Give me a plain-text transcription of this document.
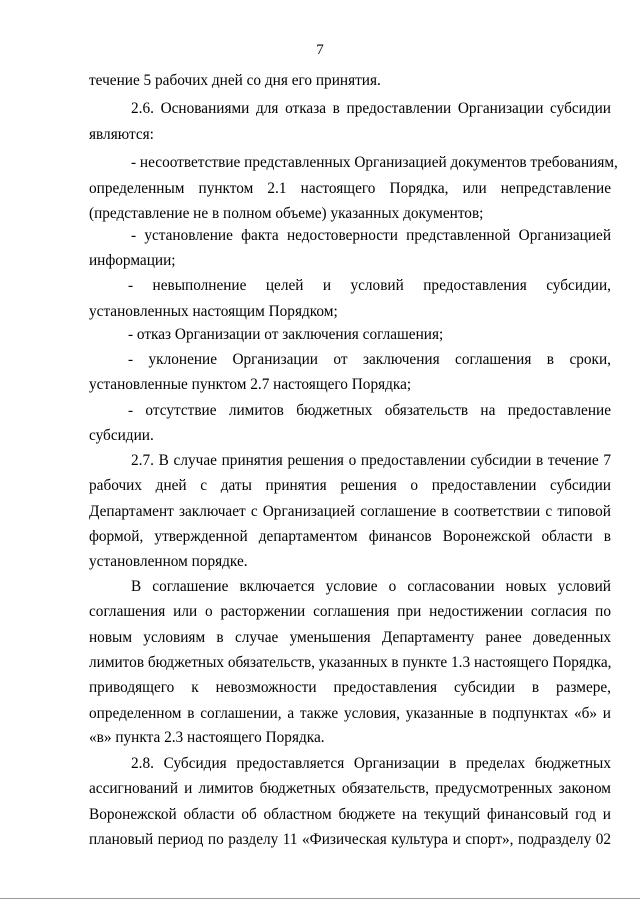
7
течение 5 рабочих дней со дня его принятия.
2.6. Основаниями для отказа в предоставлении Организации субсидии
являются:
- несоответствие представленных Организацией документов требованиям,
определенным пунктом 2.1 настоящего Порядка, или непредставление
(представление не в полном объеме) указанных документов;
- установление факта недостоверности представленной Организацией
информации;
- невыполнение целей и условий предоставления субсидии,
установленных настоящим Порядком;
- отказ Организации от заключения соглашения;
- уклонение Организации от заключения соглашения в сроки,
установленные пунктом 2.7 настоящего Порядка;
- отсутствие лимитов бюджетных обязательств на предоставление
субсидии.
2.7. В случае принятия решения о предоставлении субсидии в течение 7
рабочих дней с даты принятия решения о предоставлении субсидии
Департамент заключает с Организацией соглашение в соответствии с типовой
формой, утвержденной департаментом финансов Воронежской области в
установленном порядке.
В соглашение включается условие о согласовании новых условий
соглашения или о расторжении соглашения при недостижении согласия по
новым условиям в случае уменьшения Департаменту ранее доведенных
лимитов бюджетных обязательств, указанных в пункте 1.3 настоящего Порядка,
приводящего к невозможности предоставления субсидии в размере,
определенном в соглашении, а также условия, указанные в подпунктах «б» и
«в» пункта 2.3 настоящего Порядка.
2.8. Субсидия предоставляется Организации в пределах бюджетных
ассигнований и лимитов бюджетных обязательств, предусмотренных законом
Воронежской области об областном бюджете на текущий финансовый год и
плановый период по разделу 11 «Физическая культура и спорт», подразделу 02
